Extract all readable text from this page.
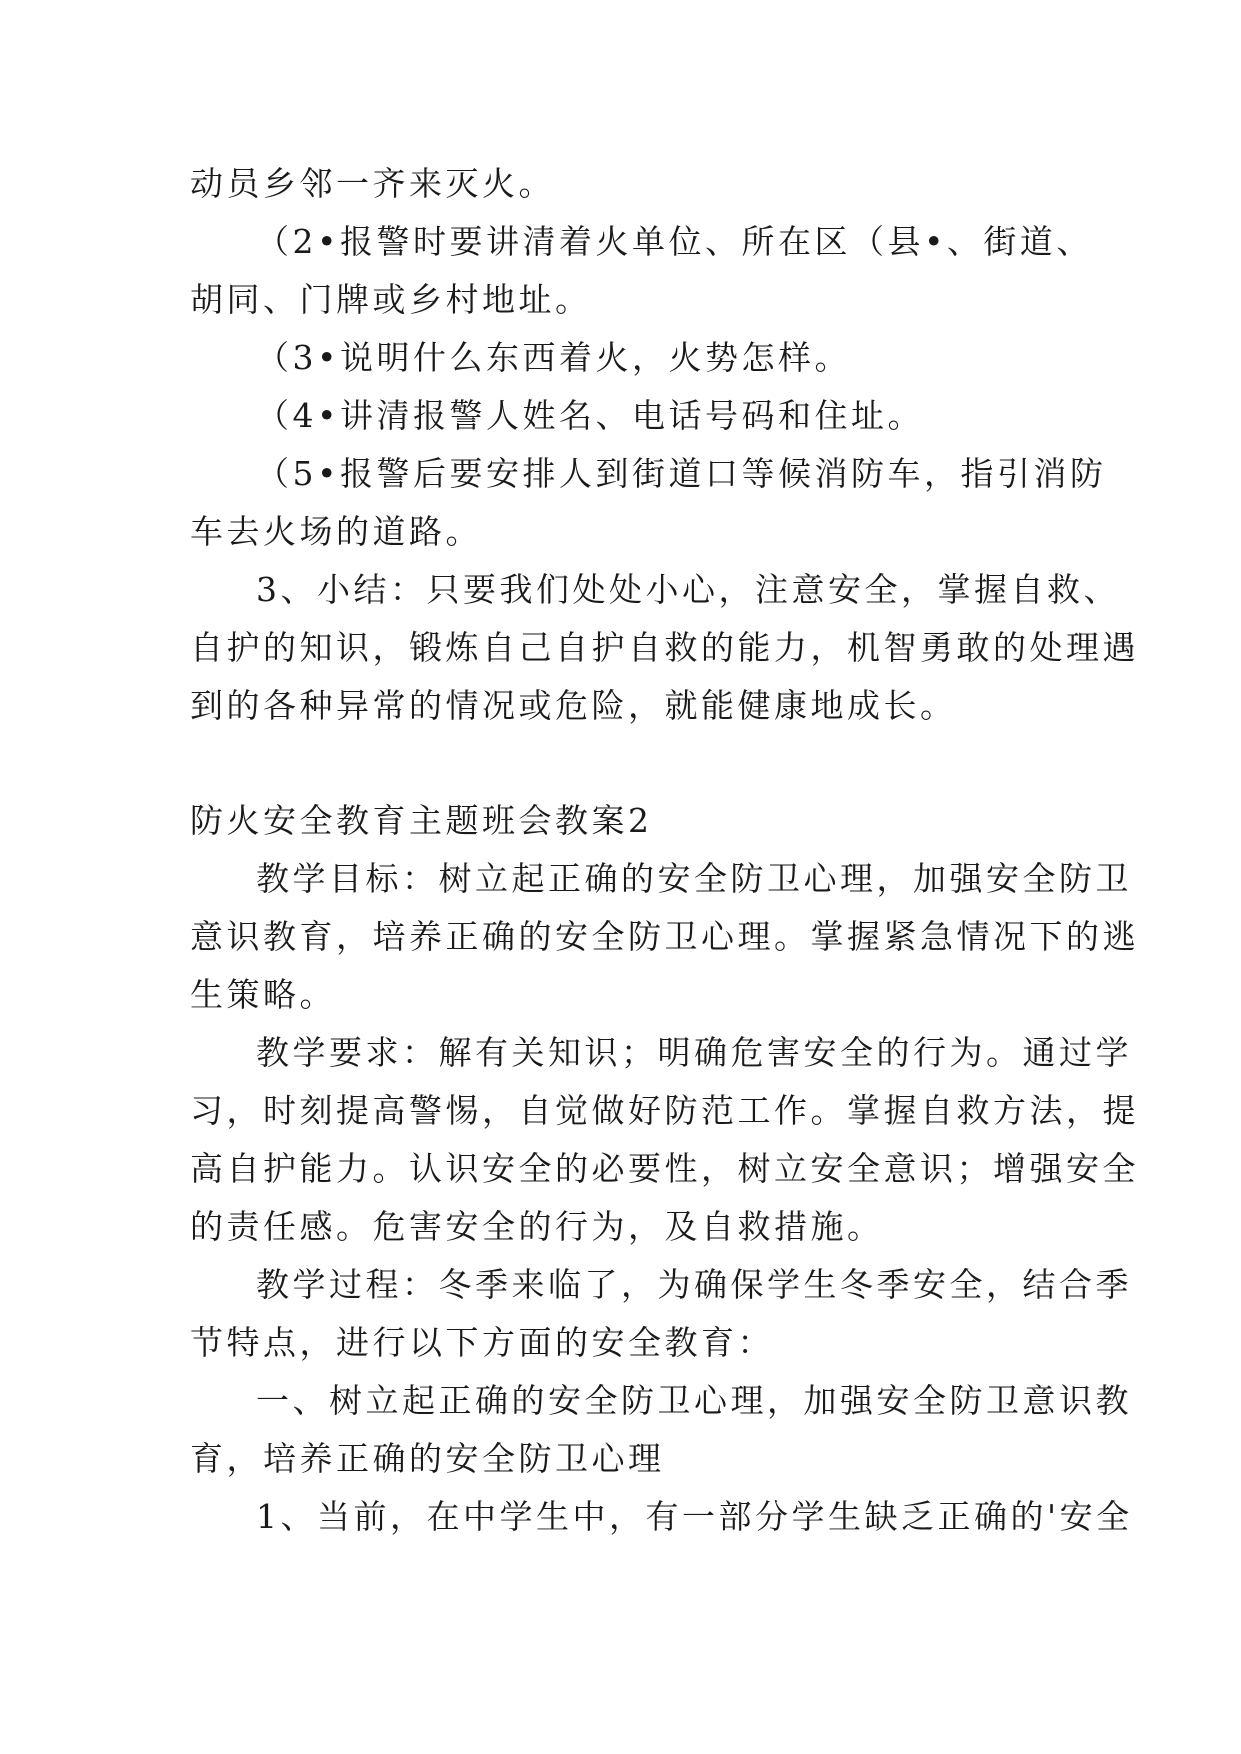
动员乡邻一齐来灭火。
（2•报警时要讲清着火单位、所在区（县•、街道、
胡同、门牌或乡村地址。
（3•说明什么东西着火，火势怎样。
（4•讲清报警人姓名、电话号码和住址。
（5•报警后要安排人到街道口等候消防车，指引消防
车去火场的道路。
3、小结：只要我们处处小心，注意安全，掌握自救、
自护的知识，锻炼自己自护自救的能力，机智勇敢的处理遇
到的各种异常的情况或危险，就能健康地成长。
防火安全教育主题班会教案2
教学目标：树立起正确的安全防卫心理，加强安全防卫
意识教育，培养正确的安全防卫心理。掌握紧急情况下的逃
生策略。
教学要求：解有关知识；明确危害安全的行为。通过学
习，时刻提高警惕，自觉做好防范工作。掌握自救方法，提
高自护能力。认识安全的必要性，树立安全意识；增强安全
的责任感。危害安全的行为，及自救措施。
教学过程：冬季来临了，为确保学生冬季安全，结合季
节特点，进行以下方面的安全教育：
一、树立起正确的安全防卫心理，加强安全防卫意识教
育，培养正确的安全防卫心理
1、当前，在中学生中，有一部分学生缺乏正确的'安全
